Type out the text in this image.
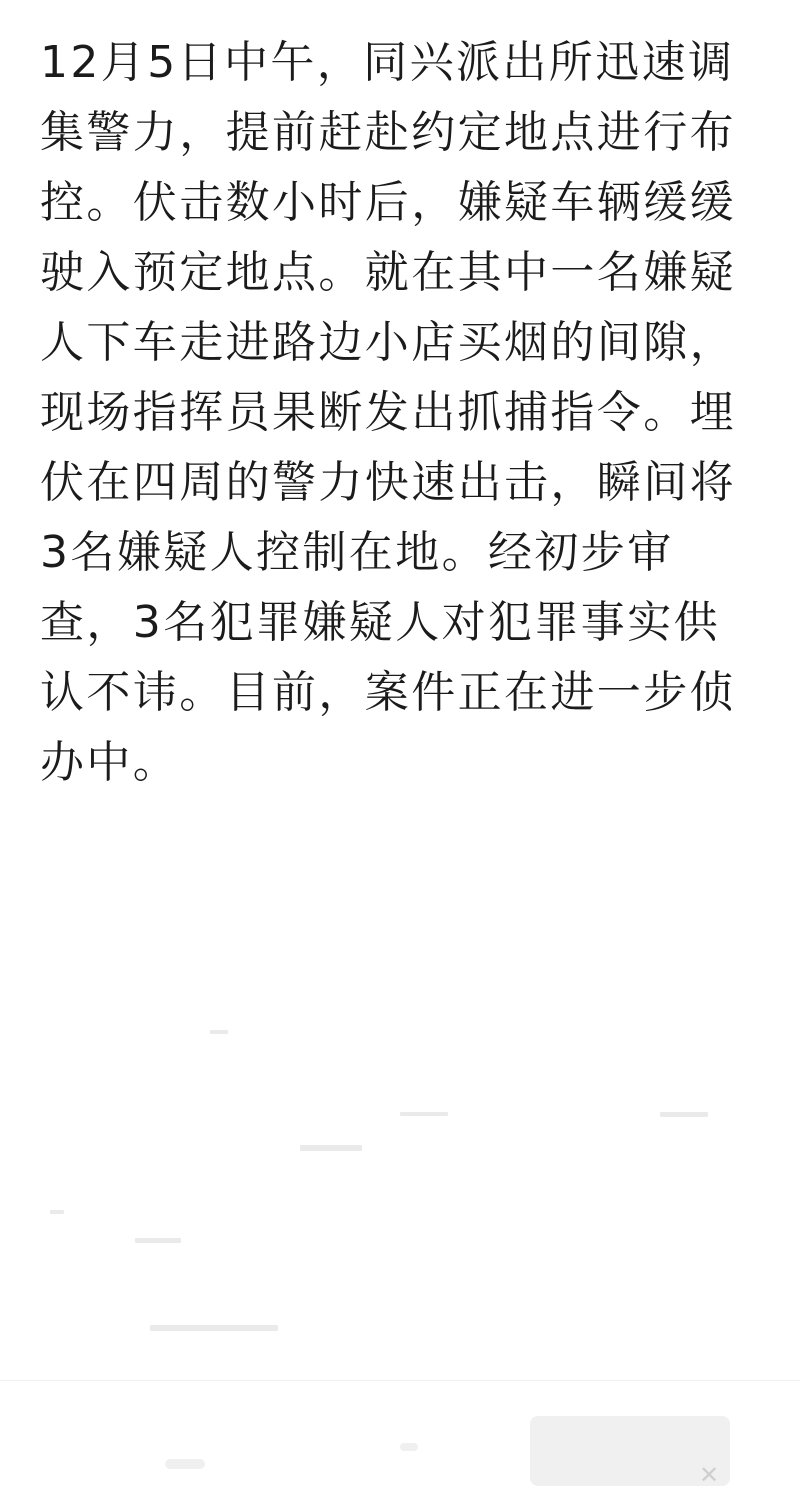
12月5日中午，同兴派出所迅速调集警力，提前赶赴约定地点进行布控。伏击数小时后，嫌疑车辆缓缓驶入预定地点。就在其中一名嫌疑人下车走进路边小店买烟的间隙，现场指挥员果断发出抓捕指令。埋伏在四周的警力快速出击，瞬间将3名嫌疑人控制在地。经初步审查，3名犯罪嫌疑人对犯罪事实供认不讳。目前，案件正在进一步侦办中。

✕
